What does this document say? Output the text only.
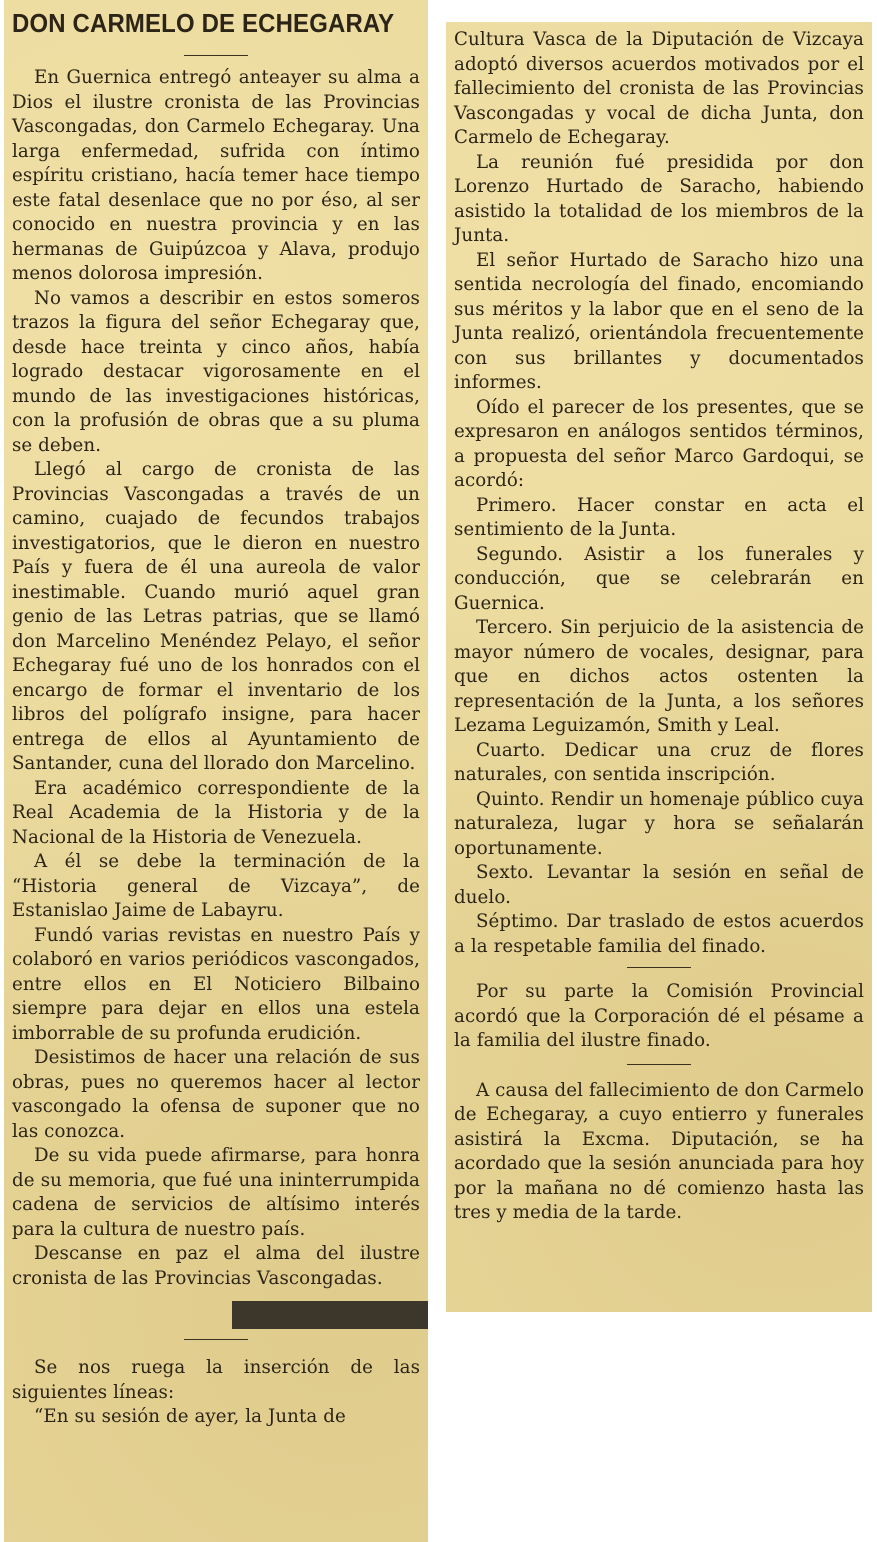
DON CARMELO DE ECHEGARAY

En Guernica entregó anteayer su alma a Dios el ilustre cronista de las Provincias Vascongadas, don Carmelo Echegaray. Una larga enfermedad, sufrida con íntimo espíritu cristiano, hacía temer hace tiempo este fatal desenlace que no por éso, al ser conocido en nuestra provincia y en las hermanas de Guipúzcoa y Alava, produjo menos dolorosa impresión.

No vamos a describir en estos someros trazos la figura del señor Echegaray que, desde hace treinta y cinco años, había logrado destacar vigorosamente en el mundo de las investigaciones históricas, con la profusión de obras que a su pluma se deben.

Llegó al cargo de cronista de las Provincias Vascongadas a través de un camino, cuajado de fecundos trabajos investigatorios, que le dieron en nuestro País y fuera de él una aureola de valor inestimable. Cuando murió aquel gran genio de las Letras patrias, que se llamó don Marcelino Menéndez Pelayo, el señor Echegaray fué uno de los honrados con el encargo de formar el inventario de los libros del polígrafo insigne, para hacer entrega de ellos al Ayuntamiento de Santander, cuna del llorado don Marcelino.

Era académico correspondiente de la Real Academia de la Historia y de la Nacional de la Historia de Venezuela.

A él se debe la terminación de la “Historia general de Vizcaya”, de Estanislao Jaime de Labayru.

Fundó varias revistas en nuestro País y colaboró en varios periódicos vascongados, entre ellos en El Noticiero Bilbaino siempre para dejar en ellos una estela imborrable de su profunda erudición.

Desistimos de hacer una relación de sus obras, pues no queremos hacer al lector vascongado la ofensa de suponer que no las conozca.

De su vida puede afirmarse, para honra de su memoria, que fué una ininterrumpida cadena de servicios de altísimo interés para la cultura de nuestro país.

Descanse en paz el alma del ilustre cronista de las Provincias Vascongadas.

Se nos ruega la inserción de las siguientes líneas:

“En su sesión de ayer, la Junta de

Cultura Vasca de la Diputación de Vizcaya adoptó diversos acuerdos motivados por el fallecimiento del cronista de las Provincias Vascongadas y vocal de dicha Junta, don Carmelo de Echegaray.

La reunión fué presidida por don Lorenzo Hurtado de Saracho, habiendo asistido la totalidad de los miembros de la Junta.

El señor Hurtado de Saracho hizo una sentida necrología del finado, encomiando sus méritos y la labor que en el seno de la Junta realizó, orientándola frecuentemente con sus brillantes y documentados informes.

Oído el parecer de los presentes, que se expresaron en análogos sentidos términos, a propuesta del señor Marco Gardoqui, se acordó:

Primero. Hacer constar en acta el sentimiento de la Junta.

Segundo. Asistir a los funerales y conducción, que se celebrarán en Guernica.

Tercero. Sin perjuicio de la asistencia de mayor número de vocales, designar, para que en dichos actos ostenten la representación de la Junta, a los señores Lezama Leguizamón, Smith y Leal.

Cuarto. Dedicar una cruz de flores naturales, con sentida inscripción.

Quinto. Rendir un homenaje público cuya naturaleza, lugar y hora se señalarán oportunamente.

Sexto. Levantar la sesión en señal de duelo.

Séptimo. Dar traslado de estos acuerdos a la respetable familia del finado.

Por su parte la Comisión Provincial acordó que la Corporación dé el pésame a la familia del ilustre finado.

A causa del fallecimiento de don Carmelo de Echegaray, a cuyo entierro y funerales asistirá la Excma. Diputación, se ha acordado que la sesión anunciada para hoy por la mañana no dé comienzo hasta las tres y media de la tarde.
